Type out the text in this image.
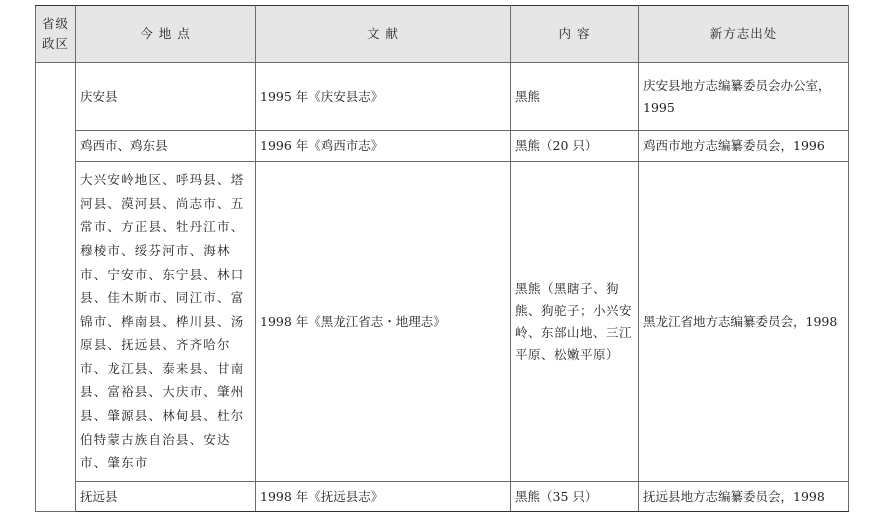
省级政区	今 地 点	文 献	内 容	新方志出处
	庆安县	1995 年《庆安县志》	黑熊	庆安县地方志编纂委员会办公室，1995
	鸡西市、鸡东县	1996 年《鸡西市志》	黑熊（20 只）	鸡西市地方志编纂委员会，1996
	大兴安岭地区、呼玛县、塔河县、漠河县、尚志市、五常市、方正县、牡丹江市、穆棱市、绥芬河市、海林市、宁安市、东宁县、林口县、佳木斯市、同江市、富锦市、桦南县、桦川县、汤原县、抚远县、齐齐哈尔市、龙江县、泰来县、甘南县、富裕县、大庆市、肇州县、肇源县、林甸县、杜尔伯特蒙古族自治县、安达市、肇东市	1998 年《黑龙江省志・地理志》	黑熊（黑瞎子、狗熊、狗驼子；小兴安岭、东部山地、三江平原、松嫩平原）	黑龙江省地方志编纂委员会，1998
	抚远县	1998 年《抚远县志》	黑熊（35 只）	抚远县地方志编纂委员会，1998
